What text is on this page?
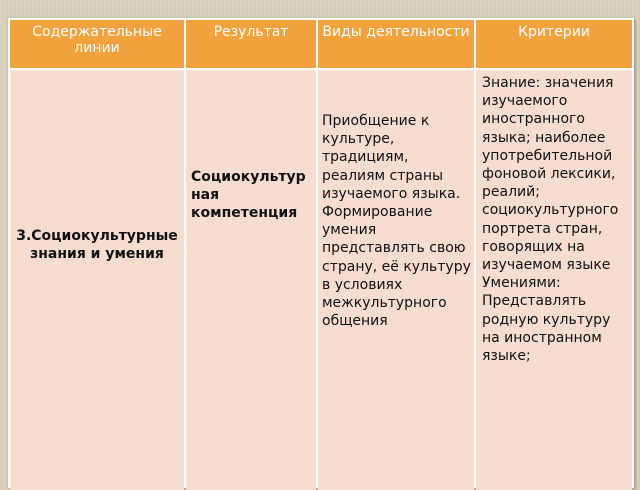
Содержательные линии
Результат	Виды деятельности	Критерии
3.Социокультурные знания и умения
Социокультурная компетенция
Приобщение к культуре, традициям, реалиям страны изучаемого языка. Формирование умения представлять свою страну, её культуру в условиях межкультурного общения
Знание: значения изучаемого иностранного языка; наиболее употребительной фоновой лексики, реалий; социокультурного портрета стран, говорящих на изучаемом языке Умениями: Представлять родную культуру на иностранном языке;
